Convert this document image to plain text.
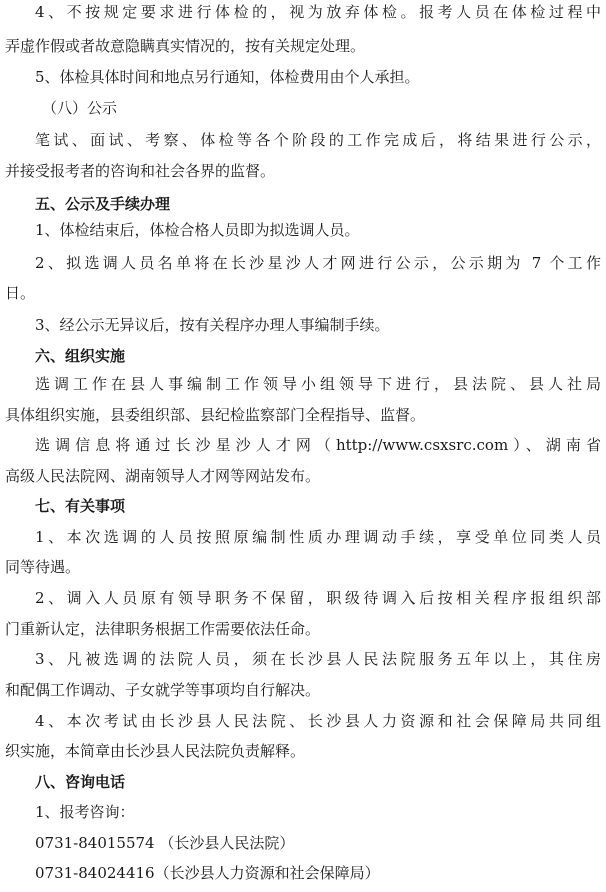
4、不按规定要求进行体检的，视为放弃体检。报考人员在体检过程中
弄虚作假或者故意隐瞒真实情况的，按有关规定处理。
5、体检具体时间和地点另行通知，体检费用由个人承担。
（八）公示
笔试、面试、考察、体检等各个阶段的工作完成后，将结果进行公示，
并接受报考者的咨询和社会各界的监督。
五、公示及手续办理
1、体检结束后，体检合格人员即为拟选调人员。
2、拟选调人员名单将在长沙星沙人才网进行公示，公示期为 7 个工作
日。
3、经公示无异议后，按有关程序办理人事编制手续。
六、组织实施
选调工作在县人事编制工作领导小组领导下进行，县法院、县人社局
具体组织实施，县委组织部、县纪检监察部门全程指导、监督。
选调信息将通过长沙星沙人才网（http://www.csxsrc.com）、湖南省
高级人民法院网、湖南领导人才网等网站发布。
七、有关事项
1、本次选调的人员按照原编制性质办理调动手续，享受单位同类人员
同等待遇。
2、调入人员原有领导职务不保留，职级待调入后按相关程序报组织部
门重新认定，法律职务根据工作需要依法任命。
3、凡被选调的法院人员，须在长沙县人民法院服务五年以上，其住房
和配偶工作调动、子女就学等事项均自行解决。
4、本次考试由长沙县人民法院、长沙县人力资源和社会保障局共同组
织实施，本简章由长沙县人民法院负责解释。
八、咨询电话
1、报考咨询：
0731-84015574 （长沙县人民法院）
0731-84024416（长沙县人力资源和社会保障局）
